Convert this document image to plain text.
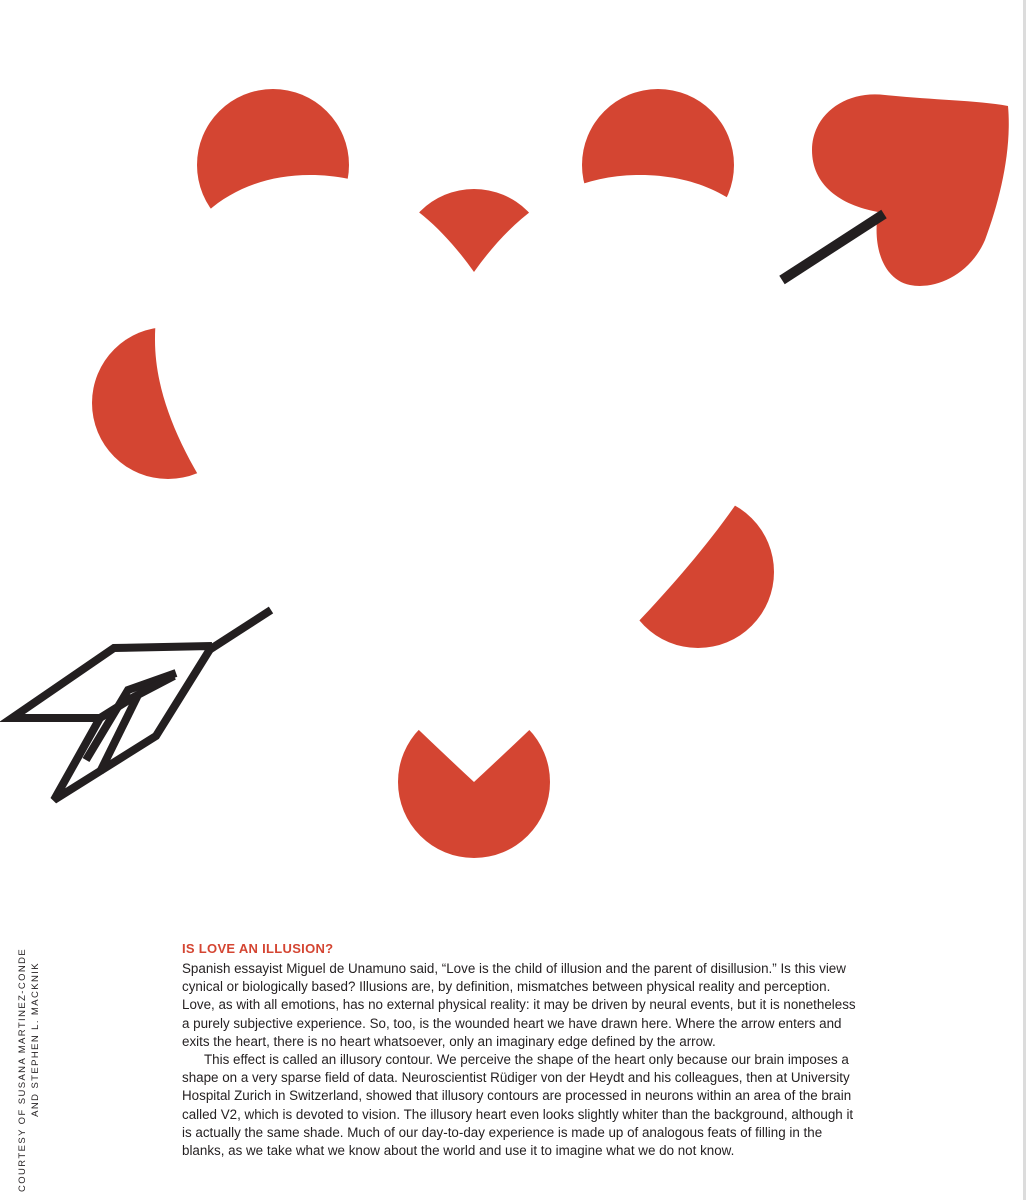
COURTESY OF SUSANA MARTINEZ-CONDE AND STEPHEN L. MACKNIK
IS LOVE AN ILLUSION?

Spanish essayist Miguel de Unamuno said, “Love is the child of illusion and the parent of disillusion.” Is this view cynical or biologically based? Illusions are, by definition, mismatches between physical reality and perception. Love, as with all emotions, has no external physical reality: it may be driven by neural events, but it is nonetheless a purely subjective experience. So, too, is the wounded heart we have drawn here. Where the arrow enters and exits the heart, there is no heart whatsoever, only an imaginary edge defined by the arrow.

This effect is called an illusory contour. We perceive the shape of the heart only because our brain imposes a shape on a very sparse field of data. Neuroscientist Rüdiger von der Heydt and his colleagues, then at University Hospital Zurich in Switzerland, showed that illusory contours are processed in neurons within an area of the brain called V2, which is devoted to vision. The illusory heart even looks slightly whiter than the background, although it is actually the same shade. Much of our day-to-day experience is made up of analogous feats of filling in the blanks, as we take what we know about the world and use it to imagine what we do not know.
